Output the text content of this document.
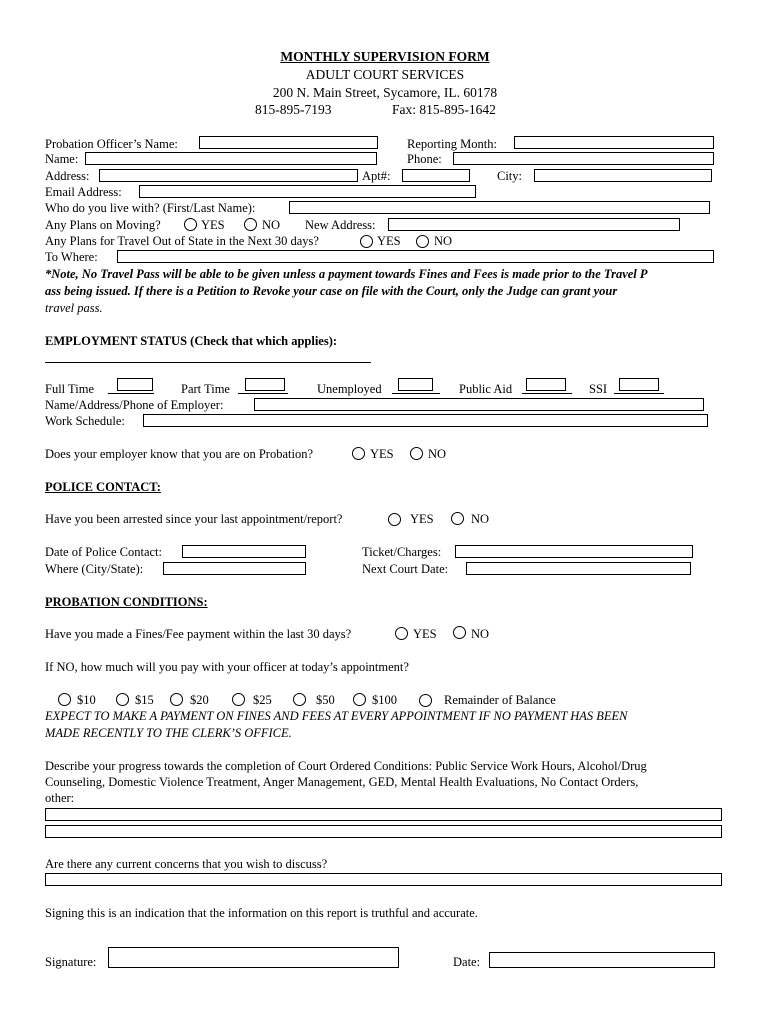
MONTHLY SUPERVISION FORM
ADULT COURT SERVICES
200 N. Main Street, Sycamore, IL. 60178
815-895-7193	Fax: 815-895-1642
Probation Officer’s Name:	Reporting Month:
Name:	Phone:
Address:	Apt#:	City:
Email Address:
Who do you live with? (First/Last Name):
Any Plans on Moving?	YES	NO New Address:
Any Plans for Travel Out of State in the Next 30 days?	YES	NO
To Where:
*Note, No Travel Pass will be able to be given unless a payment towards Fines and Fees is made prior to the Travel P
ass being issued. If there is a Petition to Revoke your case on file with the Court, only the Judge can grant your
travel pass.
EMPLOYMENT STATUS (Check that which applies):
Full Time	Part Time	Unemployed	Public Aid	SSI
Name/Address/Phone of Employer:
Work Schedule:
Does your employer know that you are on Probation?	YES	NO
POLICE CONTACT:
Have you been arrested since your last appointment/report?	YES	NO
Date of Police Contact:	Ticket/Charges:
Where (City/State):	Next Court Date:
PROBATION CONDITIONS:
Have you made a Fines/Fee payment within the last 30 days?	YES	NO
If NO, how much will you pay with your officer at today’s appointment?
$10	$15	$20	$25	$50	$100	Remainder of Balance
EXPECT TO MAKE A PAYMENT ON FINES AND FEES AT EVERY APPOINTMENT IF NO PAYMENT HAS BEEN
MADE RECENTLY TO THE CLERK’S OFFICE.
Describe your progress towards the completion of Court Ordered Conditions: Public Service Work Hours, Alcohol/Drug
Counseling, Domestic Violence Treatment, Anger Management, GED, Mental Health Evaluations, No Contact Orders,
other:
Are there any current concerns that you wish to discuss?
Signing this is an indication that the information on this report is truthful and accurate.
Signature:	Date:
